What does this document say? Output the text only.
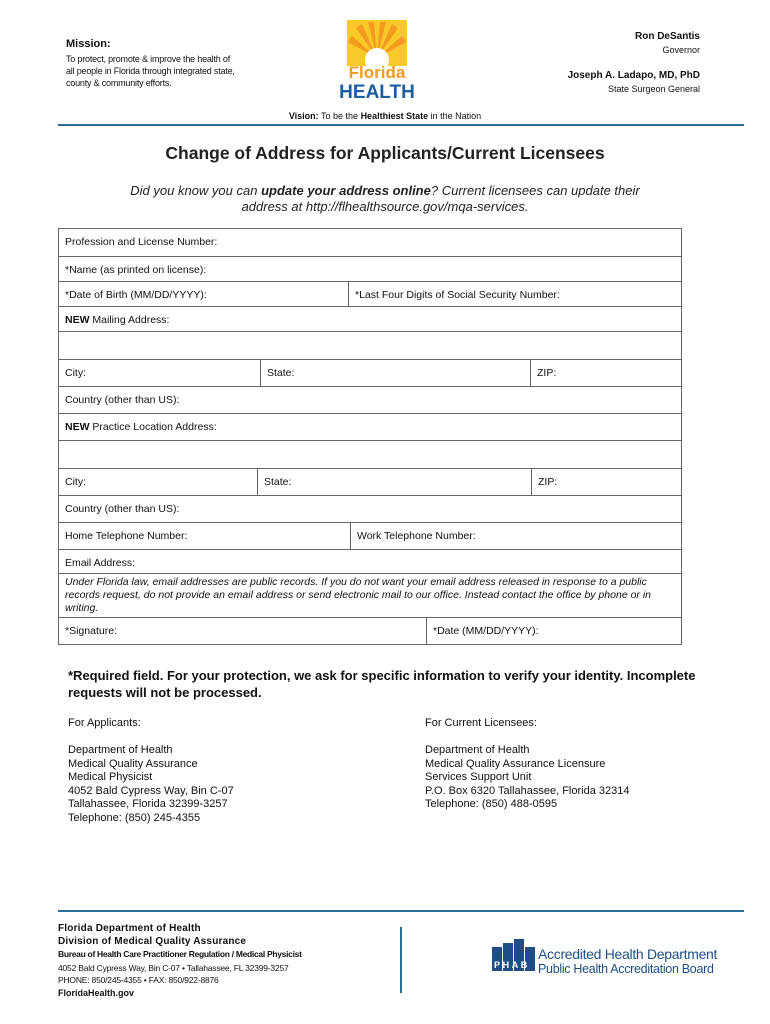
Mission:
To protect, promote & improve the health of all people in Florida through integrated state, county & community efforts.
Florida
HEALTH
Ron DeSantis
Governor
Joseph A. Ladapo, MD, PhD
State Surgeon General
Vision: To be the Healthiest State in the Nation
Change of Address for Applicants/Current Licensees
Did you know you can update your address online? Current licensees can update their address at http://flhealthsource.gov/mqa-services.
Profession and License Number:
*Name (as printed on license):
*Date of Birth (MM/DD/YYYY):	*Last Four Digits of Social Security Number:
NEW Mailing Address:
City:	State:	ZIP:
Country (other than US):
NEW Practice Location Address:
City:	State:	ZIP:
Country (other than US):
Home Telephone Number:	Work Telephone Number:
Email Address:
Under Florida law, email addresses are public records. If you do not want your email address released in response to a public records request, do not provide an email address or send electronic mail to our office. Instead contact the office by phone or in writing.
*Signature:	*Date (MM/DD/YYYY):
*Required field. For your protection, we ask for specific information to verify your identity. Incomplete requests will not be processed.
For Applicants:
Department of Health
Medical Quality Assurance
Medical Physicist
4052 Bald Cypress Way, Bin C-07
Tallahassee, Florida 32399-3257
Telephone: (850) 245-4355
For Current Licensees:
Department of Health
Medical Quality Assurance Licensure
Services Support Unit
P.O. Box 6320 Tallahassee, Florida 32314
Telephone: (850) 488-0595
Florida Department of Health
Division of Medical Quality Assurance
Bureau of Health Care Practitioner Regulation / Medical Physicist
4052 Bald Cypress Way, Bin C-07 • Tallahassee, FL 32399-3257
PHONE: 850/245-4355 • FAX: 850/922-8876
FloridaHealth.gov
PHAB
Accredited Health Department
Public Health Accreditation Board
